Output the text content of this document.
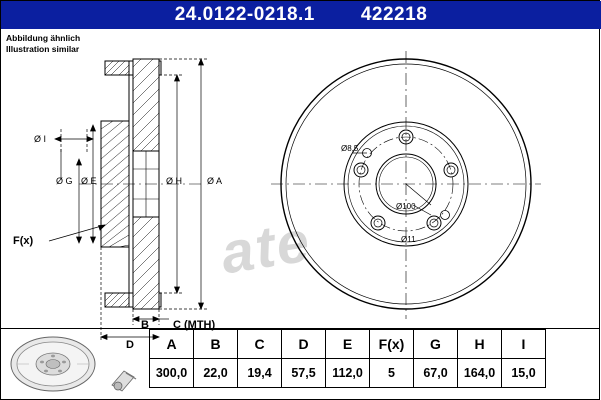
24.0122-0218.1 422218
Abbildung ähnlich
Illustration similar
ate
Ø I
Ø G Ø E	Ø H	Ø A
F(x)
B C (MTH)
D
Ø8,5
Ø100
Ø11
A	B	C	D	E	F(x)	G	H	I
300,0	22,0	19,4	57,5	112,0	5	67,0	164,0	15,0
